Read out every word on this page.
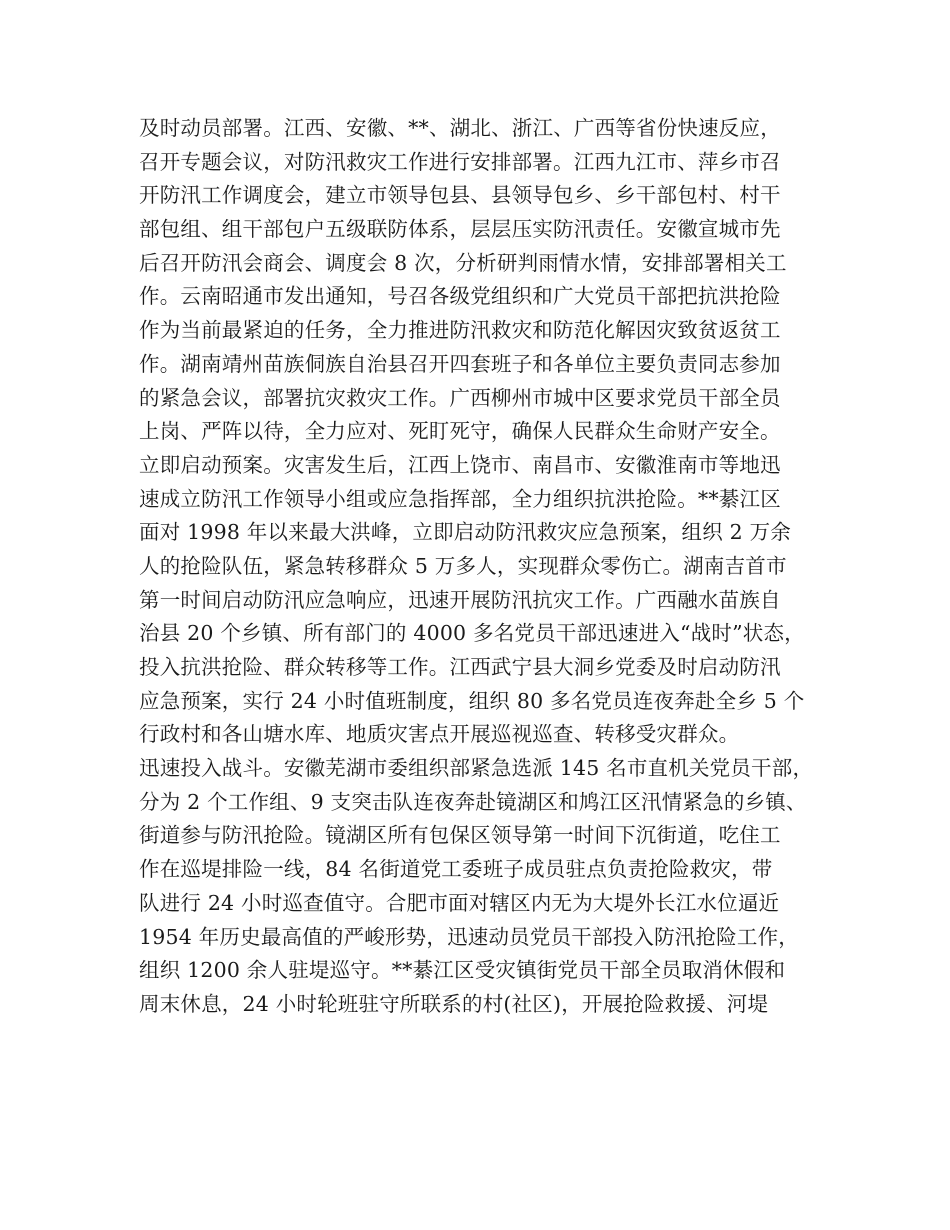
及时动员部署。江西、安徽、**、湖北、浙江、广西等省份快速反应，
召开专题会议，对防汛救灾工作进行安排部署。江西九江市、萍乡市召
开防汛工作调度会，建立市领导包县、县领导包乡、乡干部包村、村干
部包组、组干部包户五级联防体系，层层压实防汛责任。安徽宣城市先
后召开防汛会商会、调度会 8 次，分析研判雨情水情，安排部署相关工
作。云南昭通市发出通知，号召各级党组织和广大党员干部把抗洪抢险
作为当前最紧迫的任务，全力推进防汛救灾和防范化解因灾致贫返贫工
作。湖南靖州苗族侗族自治县召开四套班子和各单位主要负责同志参加
的紧急会议，部署抗灾救灾工作。广西柳州市城中区要求党员干部全员
上岗、严阵以待，全力应对、死盯死守，确保人民群众生命财产安全。
立即启动预案。灾害发生后，江西上饶市、南昌市、安徽淮南市等地迅
速成立防汛工作领导小组或应急指挥部，全力组织抗洪抢险。**綦江区
面对 1998 年以来最大洪峰，立即启动防汛救灾应急预案，组织 2 万余
人的抢险队伍，紧急转移群众 5 万多人，实现群众零伤亡。湖南吉首市
第一时间启动防汛应急响应，迅速开展防汛抗灾工作。广西融水苗族自
治县 20 个乡镇、所有部门的 4000 多名党员干部迅速进入“战时”状态，
投入抗洪抢险、群众转移等工作。江西武宁县大洞乡党委及时启动防汛
应急预案，实行 24 小时值班制度，组织 80 多名党员连夜奔赴全乡 5 个
行政村和各山塘水库、地质灾害点开展巡视巡查、转移受灾群众。
迅速投入战斗。安徽芜湖市委组织部紧急选派 145 名市直机关党员干部，
分为 2 个工作组、9 支突击队连夜奔赴镜湖区和鸠江区汛情紧急的乡镇、
街道参与防汛抢险。镜湖区所有包保区领导第一时间下沉街道，吃住工
作在巡堤排险一线，84 名街道党工委班子成员驻点负责抢险救灾，带
队进行 24 小时巡查值守。合肥市面对辖区内无为大堤外长江水位逼近
1954 年历史最高值的严峻形势，迅速动员党员干部投入防汛抢险工作，
组织 1200 余人驻堤巡守。**綦江区受灾镇街党员干部全员取消休假和
周末休息，24 小时轮班驻守所联系的村(社区)，开展抢险救援、河堤
